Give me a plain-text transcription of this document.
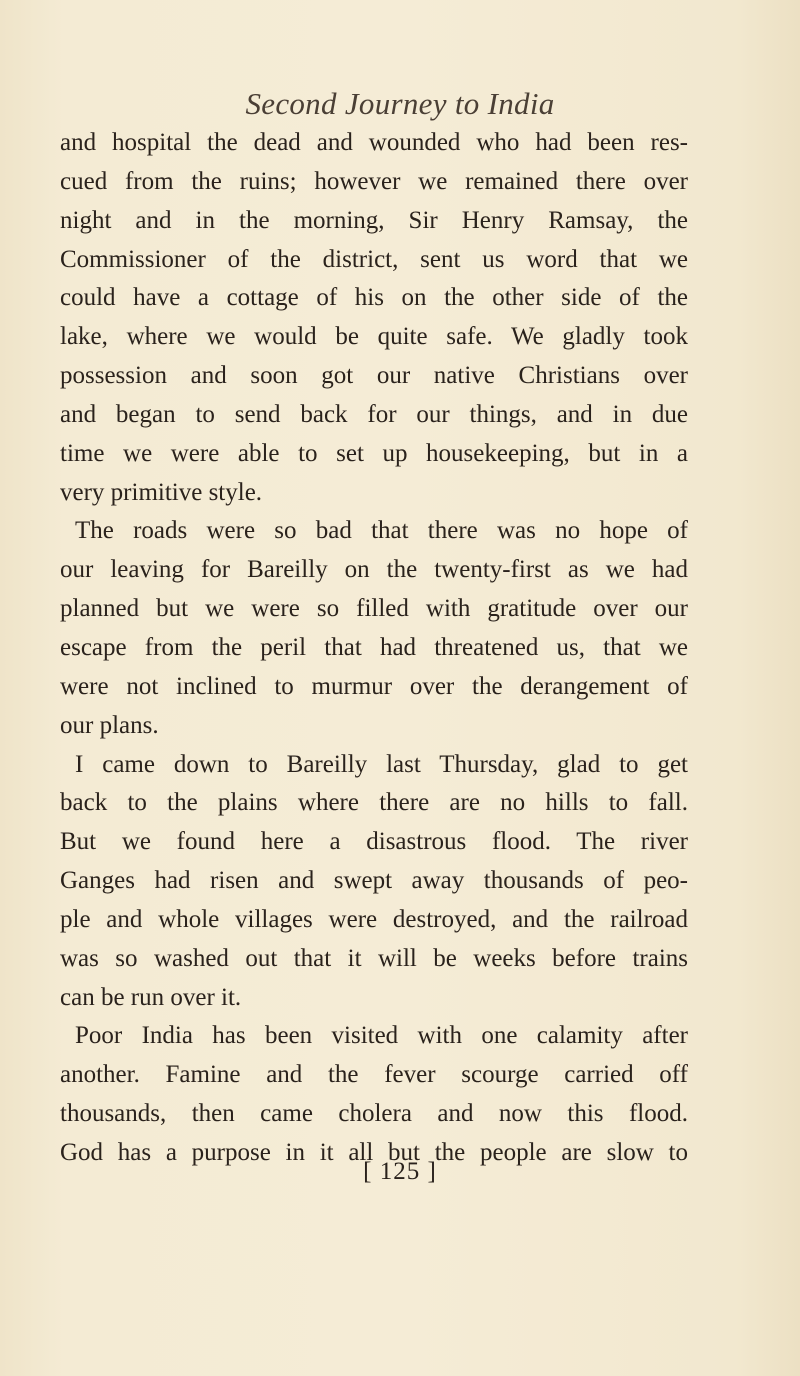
Second Journey to India
and hospital the dead and wounded who had been res-
cued from the ruins; however we remained there over
night and in the morning, Sir Henry Ramsay, the
Commissioner of the district, sent us word that we
could have a cottage of his on the other side of the
lake, where we would be quite safe. We gladly took
possession and soon got our native Christians over
and began to send back for our things, and in due
time we were able to set up housekeeping, but in a
very primitive style.
The roads were so bad that there was no hope of
our leaving for Bareilly on the twenty-first as we had
planned but we were so filled with gratitude over our
escape from the peril that had threatened us, that we
were not inclined to murmur over the derangement of
our plans.
I came down to Bareilly last Thursday, glad to get
back to the plains where there are no hills to fall.
But we found here a disastrous flood. The river
Ganges had risen and swept away thousands of peo-
ple and whole villages were destroyed, and the railroad
was so washed out that it will be weeks before trains
can be run over it.
Poor India has been visited with one calamity after
another. Famine and the fever scourge carried off
thousands, then came cholera and now this flood.
God has a purpose in it all but the people are slow to
[ 125 ]
